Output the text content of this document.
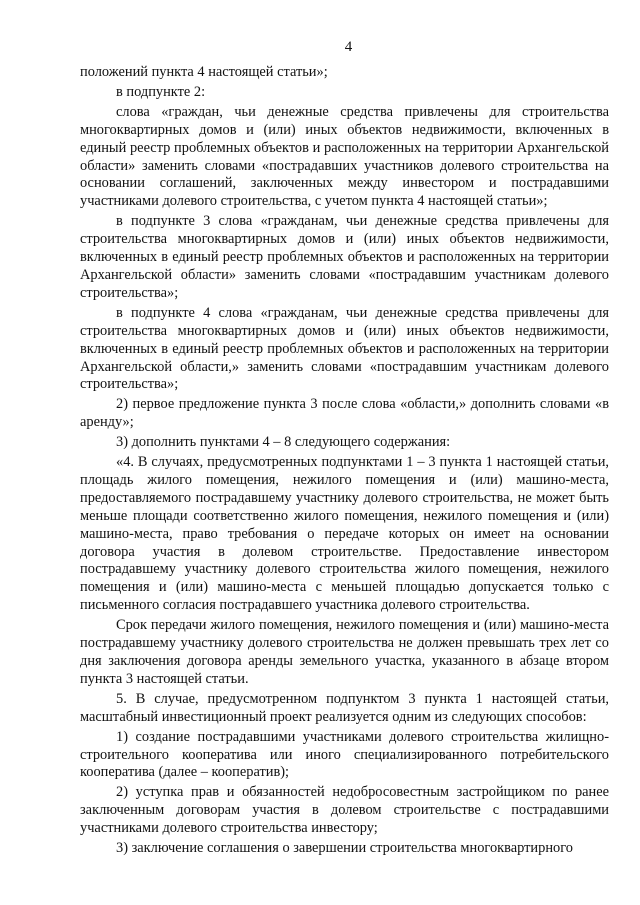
4

положений пункта 4 настоящей статьи»;

в подпункте 2:

слова «граждан, чьи денежные средства привлечены для строительства многоквартирных домов и (или) иных объектов недвижимости, включенных в единый реестр проблемных объектов и расположенных на территории Архангельской области» заменить словами «пострадавших участников долевого строительства на основании соглашений, заключенных между инвестором и пострадавшими участниками долевого строительства, с учетом пункта 4 настоящей статьи»;

в подпункте 3 слова «гражданам, чьи денежные средства привлечены для строительства многоквартирных домов и (или) иных объектов недвижимости, включенных в единый реестр проблемных объектов и расположенных на территории Архангельской области» заменить словами «пострадавшим участникам долевого строительства»;

в подпункте 4 слова «гражданам, чьи денежные средства привлечены для строительства многоквартирных домов и (или) иных объектов недвижимости, включенных в единый реестр проблемных объектов и расположенных на территории Архангельской области,» заменить словами «пострадавшим участникам долевого строительства»;

2) первое предложение пункта 3 после слова «области,» дополнить словами «в аренду»;

3) дополнить пунктами 4 – 8 следующего содержания:

«4. В случаях, предусмотренных подпунктами 1 – 3 пункта 1 настоящей статьи, площадь жилого помещения, нежилого помещения и (или) машино-места, предоставляемого пострадавшему участнику долевого строительства, не может быть меньше площади соответственно жилого помещения, нежилого помещения и (или) машино-места, право требования о передаче которых он имеет на основании договора участия в долевом строительстве. Предоставление инвестором пострадавшему участнику долевого строительства жилого помещения, нежилого помещения и (или) машино-места с меньшей площадью допускается только с письменного согласия пострадавшего участника долевого строительства.

Срок передачи жилого помещения, нежилого помещения и (или) машино-места пострадавшему участнику долевого строительства не должен превышать трех лет со дня заключения договора аренды земельного участка, указанного в абзаце втором пункта 3 настоящей статьи.

5. В случае, предусмотренном подпунктом 3 пункта 1 настоящей статьи, масштабный инвестиционный проект реализуется одним из следующих способов:

1) создание пострадавшими участниками долевого строительства жилищно-строительного кооператива или иного специализированного потребительского кооператива (далее – кооператив);

2) уступка прав и обязанностей недобросовестным застройщиком по ранее заключенным договорам участия в долевом строительстве с пострадавшими участниками долевого строительства инвестору;

3) заключение соглашения о завершении строительства многоквартирного
